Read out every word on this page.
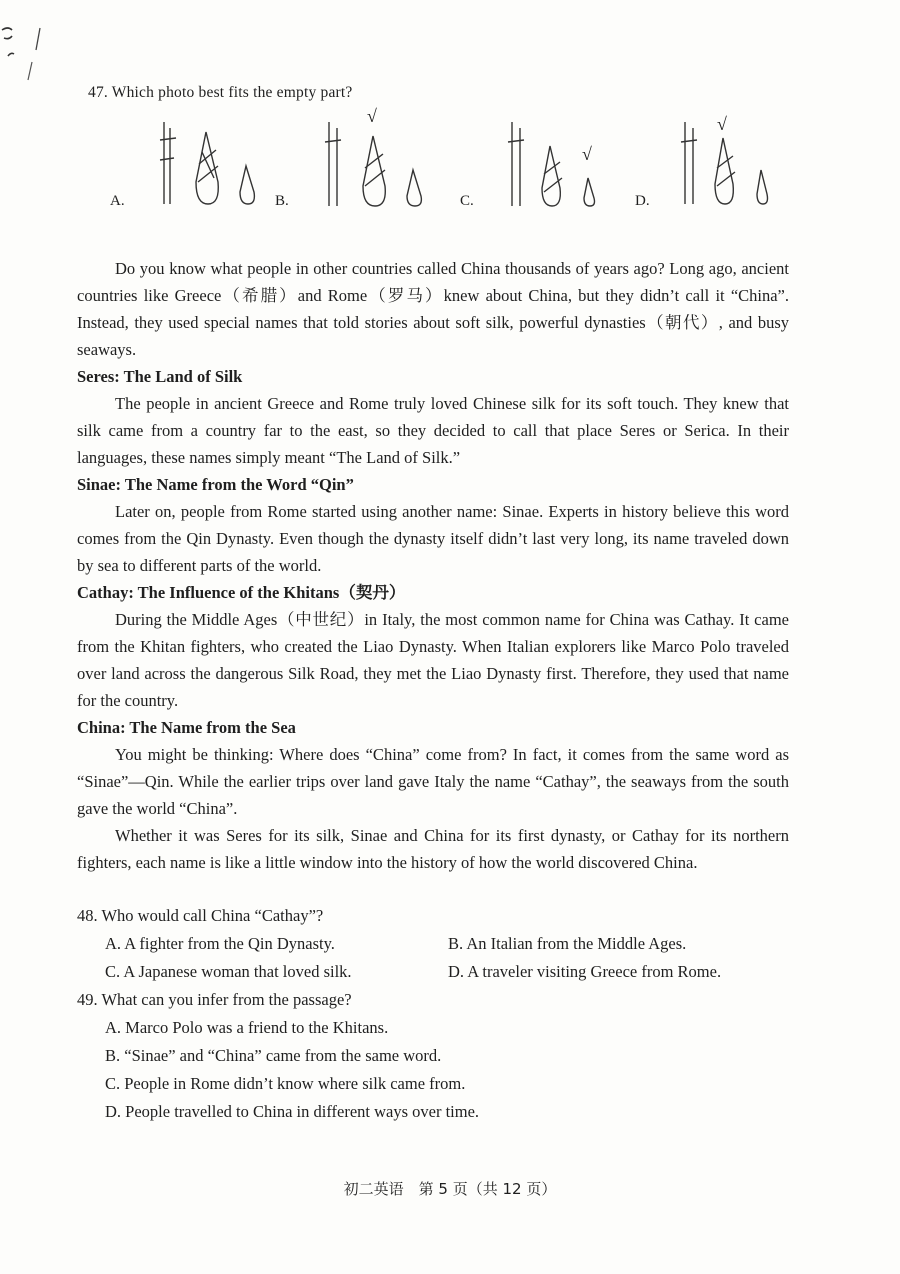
47. Which photo best fits the empty part?
A.	B.
√
C.
√
D.
√

Do you know what people in other countries called China thousands of years ago? Long ago, ancient countries like Greece（希腊）and Rome（罗马）knew about China, but they didn’t call it “China”. Instead, they used special names that told stories about soft silk, powerful dynasties（朝代）, and busy seaways.

Seres: The Land of Silk

The people in ancient Greece and Rome truly loved Chinese silk for its soft touch. They knew that silk came from a country far to the east, so they decided to call that place Seres or Serica. In their languages, these names simply meant “The Land of Silk.”

Sinae: The Name from the Word “Qin”

Later on, people from Rome started using another name: Sinae. Experts in history believe this word comes from the Qin Dynasty. Even though the dynasty itself didn’t last very long, its name traveled down by sea to different parts of the world.

Cathay: The Influence of the Khitans（契丹）

During the Middle Ages（中世纪）in Italy, the most common name for China was Cathay. It came from the Khitan fighters, who created the Liao Dynasty. When Italian explorers like Marco Polo traveled over land across the dangerous Silk Road, they met the Liao Dynasty first. Therefore, they used that name for the country.

China: The Name from the Sea

You might be thinking: Where does “China” come from? In fact, it comes from the same word as “Sinae”—Qin. While the earlier trips over land gave Italy the name “Cathay”, the seaways from the south gave the world “China”.

Whether it was Seres for its silk, Sinae and China for its first dynasty, or Cathay for its northern fighters, each name is like a little window into the history of how the world discovered China.

48. Who would call China “Cathay”?
A. A fighter from the Qin Dynasty.	B. An Italian from the Middle Ages.
C. A Japanese woman that loved silk.	D. A traveler visiting Greece from Rome.
49. What can you infer from the passage?
A. Marco Polo was a friend to the Khitans.
B. “Sinae” and “China” came from the same word.
C. People in Rome didn’t know where silk came from.
D. People travelled to China in different ways over time.
初二英语　第 5 页（共 12 页）
